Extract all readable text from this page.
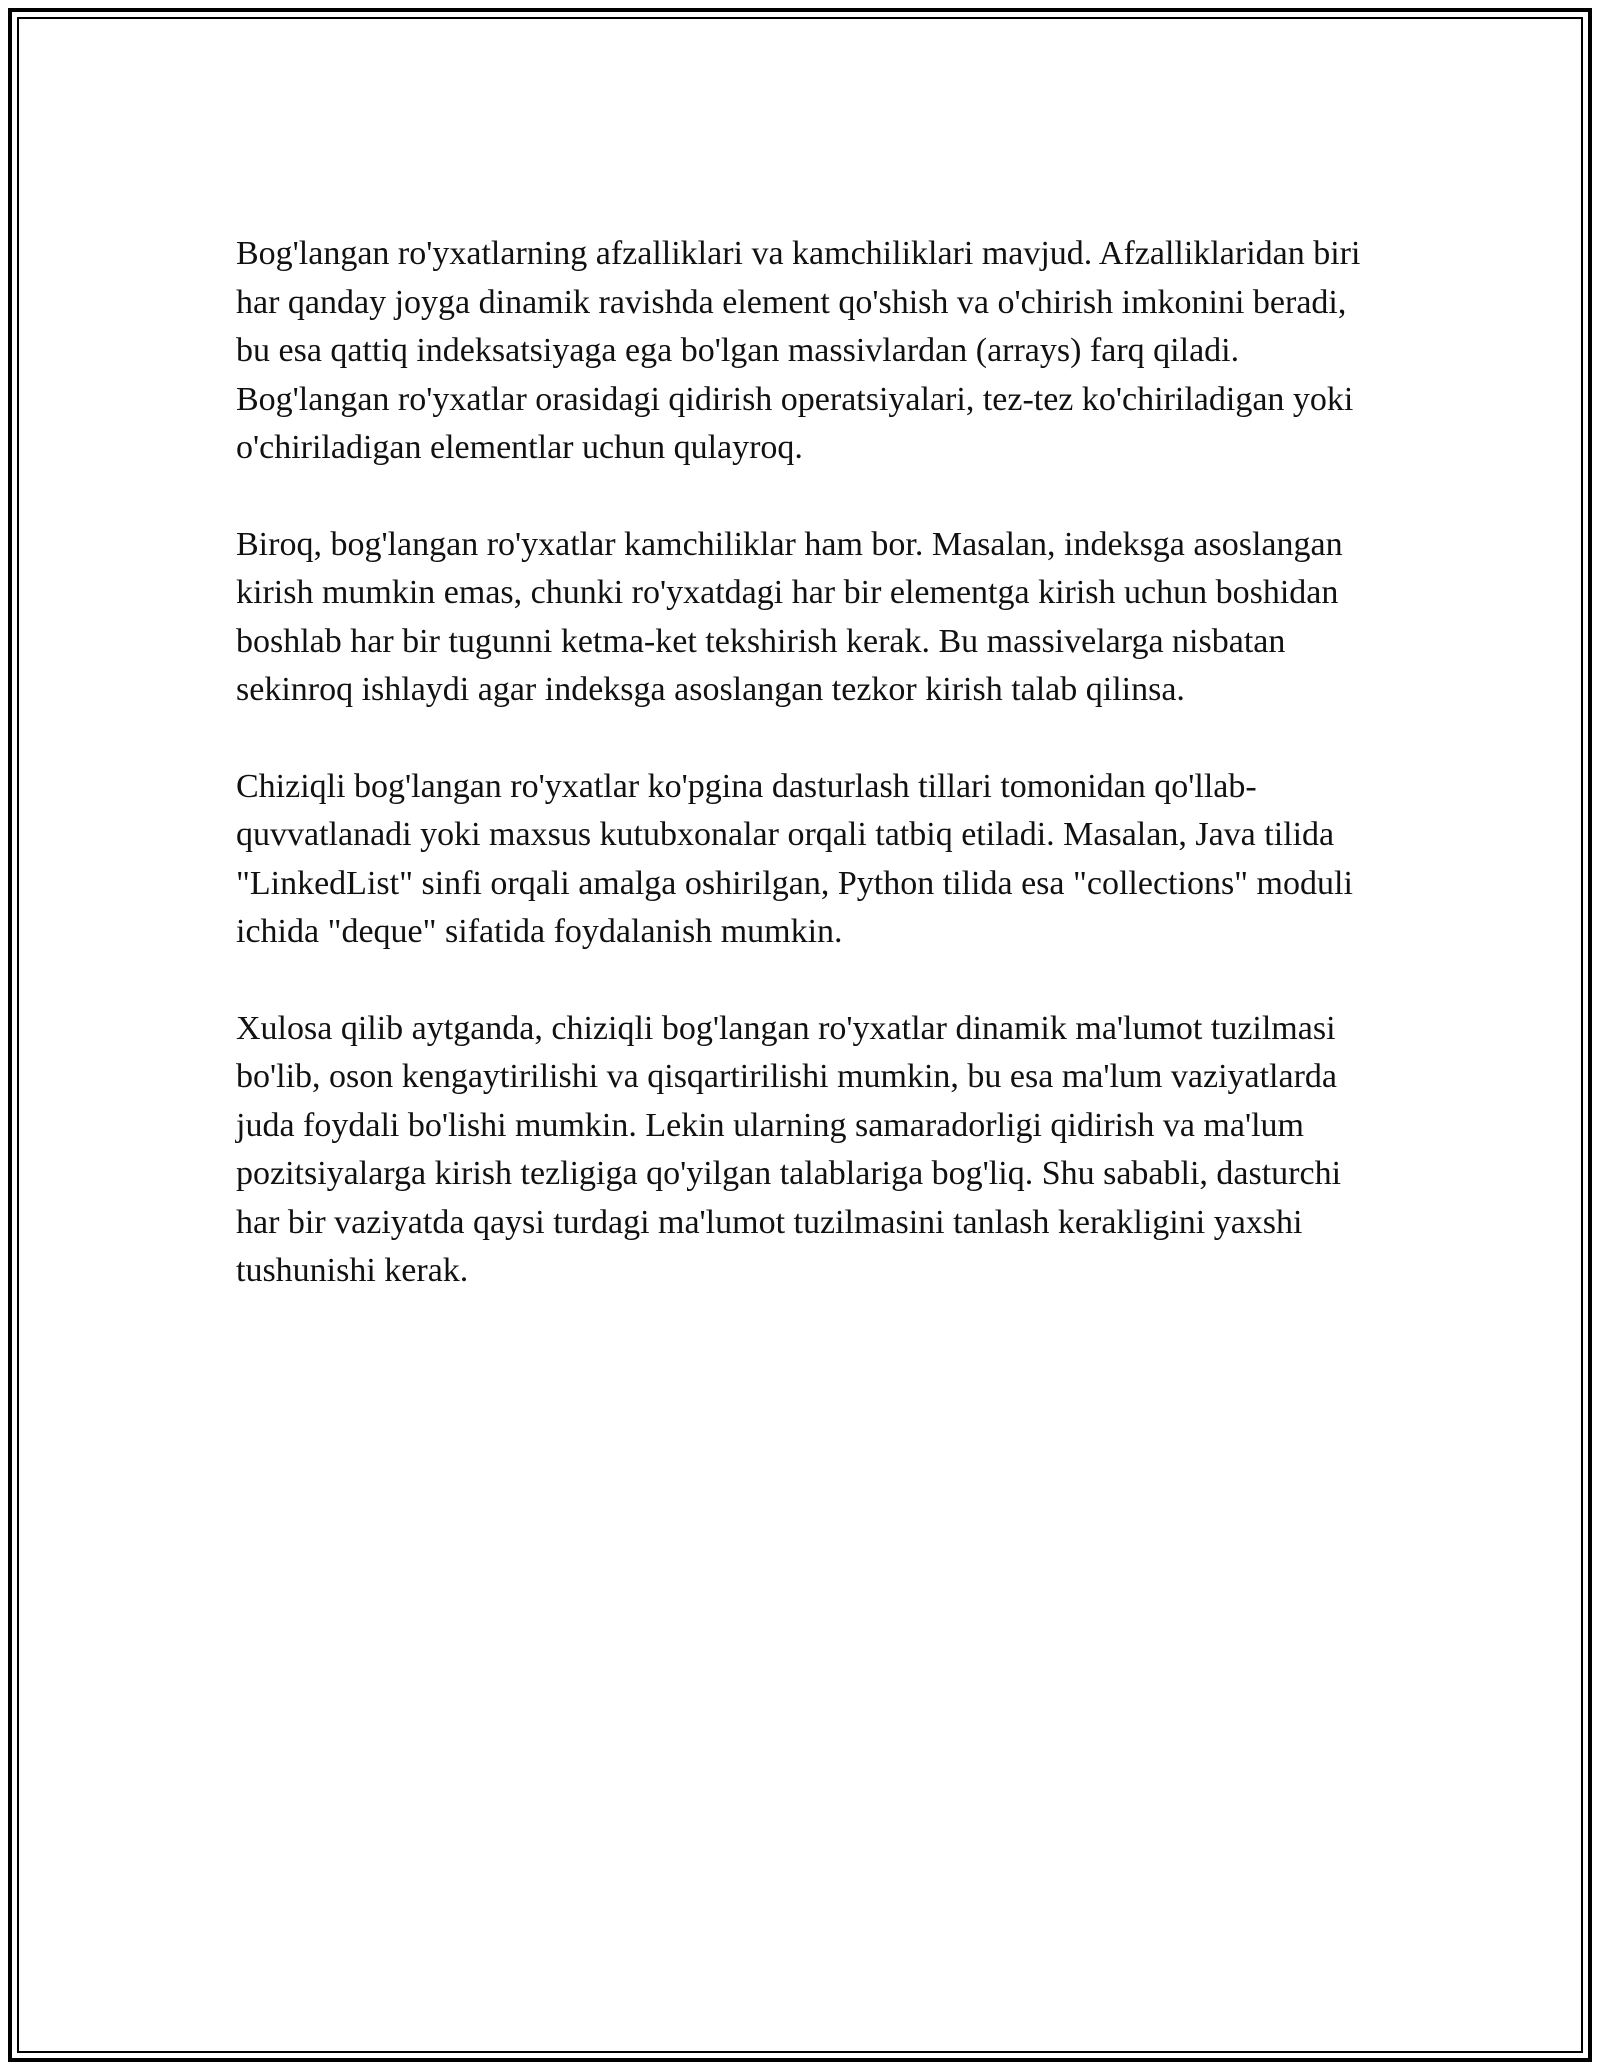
Bog'langan ro'yxatlarning afzalliklari va kamchiliklari mavjud. Afzalliklaridan biri har qanday joyga dinamik ravishda element qo'shish va o'chirish imkonini beradi, bu esa qattiq indeksatsiyaga ega bo'lgan massivlardan (arrays) farq qiladi. Bog'langan ro'yxatlar orasidagi qidirish operatsiyalari, tez-tez ko'chiriladigan yoki o'chiriladigan elementlar uchun qulayroq.

Biroq, bog'langan ro'yxatlar kamchiliklar ham bor. Masalan, indeksga asoslangan kirish mumkin emas, chunki ro'yxatdagi har bir elementga kirish uchun boshidan boshlab har bir tugunni ketma-ket tekshirish kerak. Bu massivelarga nisbatan sekinroq ishlaydi agar indeksga asoslangan tezkor kirish talab qilinsa.

Chiziqli bog'langan ro'yxatlar ko'pgina dasturlash tillari tomonidan qo'llab-quvvatlanadi yoki maxsus kutubxonalar orqali tatbiq etiladi. Masalan, Java tilida "LinkedList" sinfi orqali amalga oshirilgan, Python tilida esa "collections" moduli ichida "deque" sifatida foydalanish mumkin.

Xulosa qilib aytganda, chiziqli bog'langan ro'yxatlar dinamik ma'lumot tuzilmasi bo'lib, oson kengaytirilishi va qisqartirilishi mumkin, bu esa ma'lum vaziyatlarda juda foydali bo'lishi mumkin. Lekin ularning samaradorligi qidirish va ma'lum pozitsiyalarga kirish tezligiga qo'yilgan talablariga bog'liq. Shu sababli, dasturchi har bir vaziyatda qaysi turdagi ma'lumot tuzilmasini tanlash kerakligini yaxshi tushunishi kerak.
